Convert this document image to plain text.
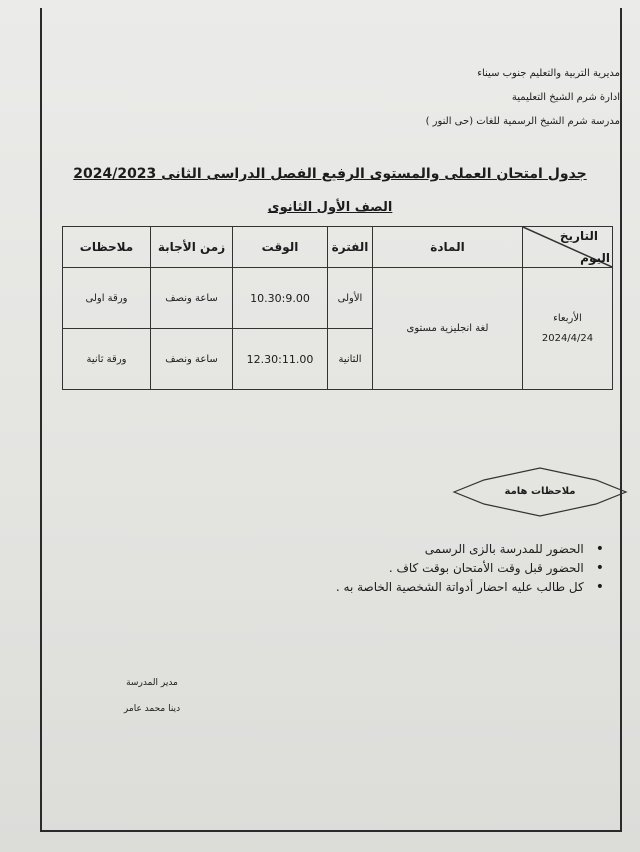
مديرية التربية والتعليم جنوب سيناء
ادارة شرم الشيخ التعليمية
مدرسة شرم الشيخ الرسمية للغات (حى النور )
جدول امتحان العملى والمستوى الرفيع الفصل الدراسى الثانى 2024/2023
الصف الأول الثانوى
التاريخ
اليوم	المادة	الفترة	الوقت	زمن الأجابة	ملاحظات

الأربعاء
2024/4/24	لغة انجليزية مستوى	الأولى	10.30:9.00	ساعة ونصف	ورقة اولى
		الثانية	12.30:11.00	ساعة ونصف	ورقة ثانية
ملاحظات هامة
• الحضور للمدرسة بالزى الرسمى
• الحضور قبل وقت الأمتحان بوقت كاف .
• كل طالب عليه احضار أدواتة الشخصية الخاصة به .
مدير المدرسة
دينا محمد عامر
